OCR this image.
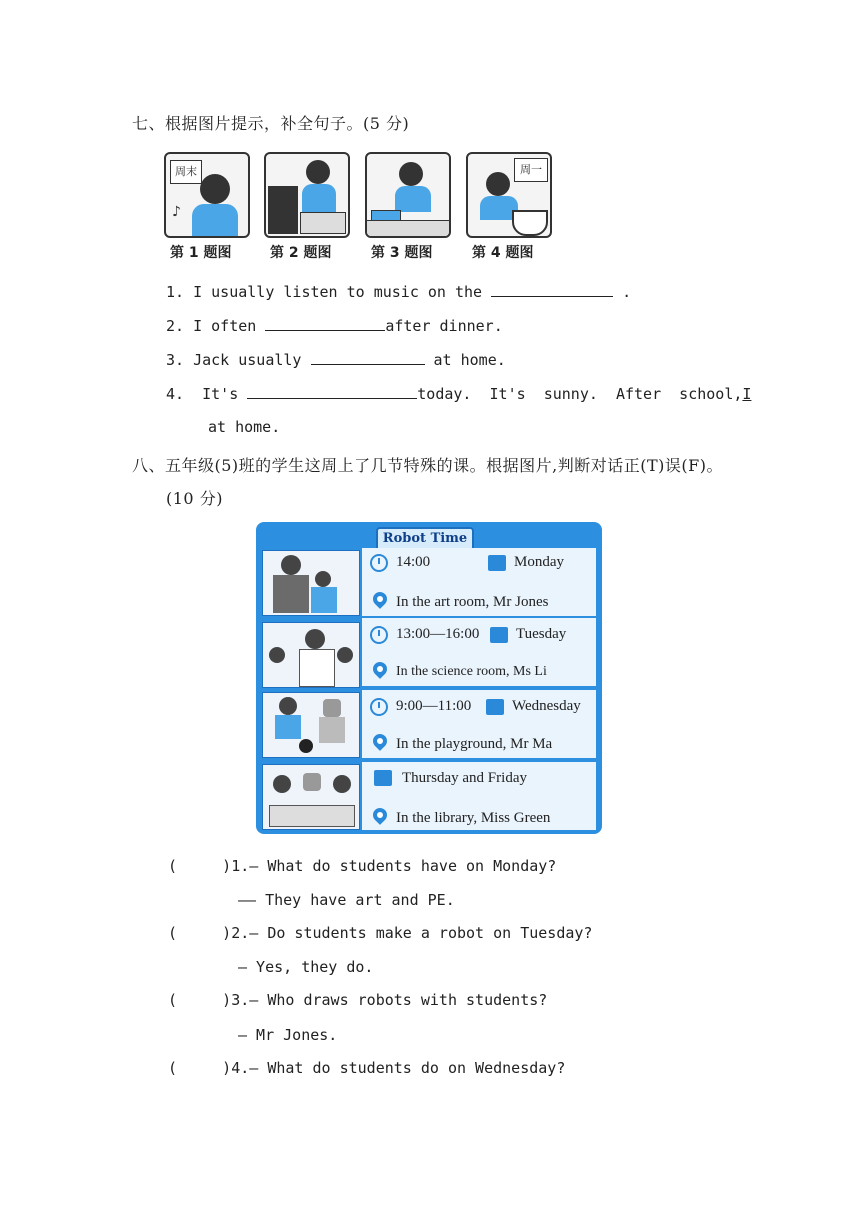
七、根据图片提示，补全句子。(5 分)
周末
♪
周一
第 1 题图	第 2 题图	第 3 题图	第 4 题图
1. I usually listen to music on the	.
2. I often	after dinner.
3. Jack usually	at home.
4.  It's	today.  It's  sunny.  After  school,I
at home.
八、五年级(5)班的学生这周上了几节特殊的课。根据图片,判断对话正(T)误(F)。
(10 分)
Robot Time
14:00	Monday
In the art room, Mr Jones
13:00—16:00 Tuesday
In the science room, Ms Li
9:00—11:00	Wednesday
In the playground, Mr Ma
Thursday and Friday
In the library, Miss Green
(     )1.— What do students have on Monday?
—— They have art and PE.
(     )2.— Do students make a robot on Tuesday?
— Yes, they do.
(     )3.— Who draws robots with students?
— Mr Jones.
(     )4.— What do students do on Wednesday?
